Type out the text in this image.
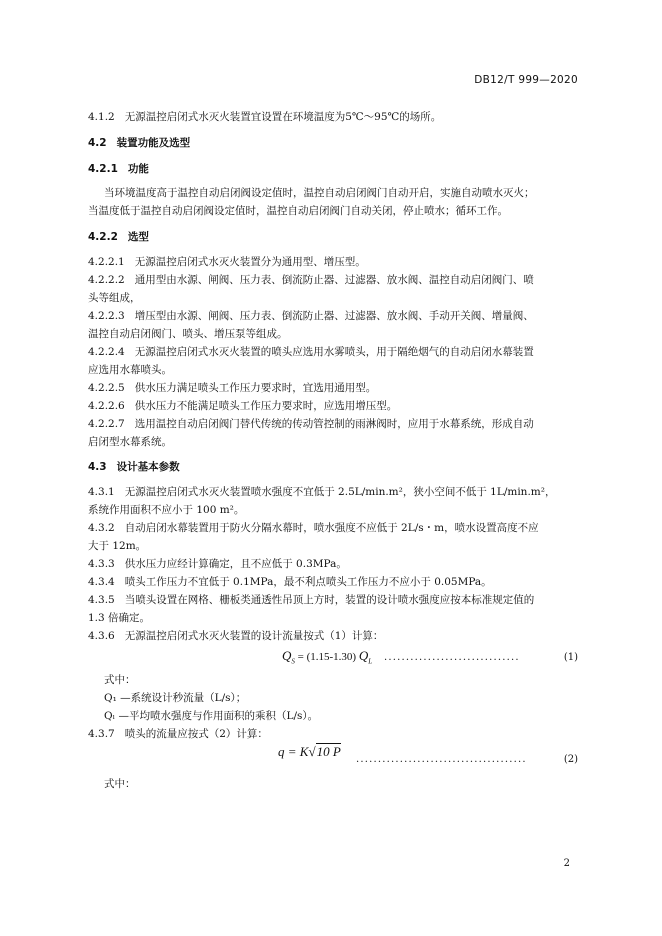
DB12/T 999—2020
4.1.2 无源温控启闭式水灭火装置宜设置在环境温度为5℃～95℃的场所。
4.2 装置功能及选型
4.2.1 功能
当环境温度高于温控自动启闭阀设定值时，温控自动启闭阀门自动开启，实施自动喷水灭火；
当温度低于温控自动启闭阀设定值时，温控自动启闭阀门自动关闭，停止喷水；循环工作。
4.2.2 选型
4.2.2.1 无源温控启闭式水灭火装置分为通用型、增压型。
4.2.2.2 通用型由水源、闸阀、压力表、倒流防止器、过滤器、放水阀、温控自动启闭阀门、喷
头等组成，
4.2.2.3 增压型由水源、闸阀、压力表、倒流防止器、过滤器、放水阀、手动开关阀、增量阀、
温控自动启闭阀门、喷头、增压泵等组成。
4.2.2.4 无源温控启闭式水灭火装置的喷头应选用水雾喷头，用于隔绝烟气的自动启闭水幕装置
应选用水幕喷头。
4.2.2.5 供水压力满足喷头工作压力要求时，宜选用通用型。
4.2.2.6 供水压力不能满足喷头工作压力要求时，应选用增压型。
4.2.2.7 选用温控自动启闭阀门替代传统的传动管控制的雨淋阀时，应用于水幕系统，形成自动
启闭型水幕系统。
4.3 设计基本参数
4.3.1 无源温控启闭式水灭火装置喷水强度不宜低于 2.5L/min.m²，狭小空间不低于 1L/min.m²，
系统作用面积不应小于 100 m²。
4.3.2 自动启闭水幕装置用于防火分隔水幕时，喷水强度不应低于 2L/s・m，喷水设置高度不应
大于 12m。
4.3.3 供水压力应经计算确定，且不应低于 0.3MPa。
4.3.4 喷头工作压力不宜低于 0.1MPa，最不利点喷头工作压力不应小于 0.05MPa。
4.3.5 当喷头设置在网格、栅板类通透性吊顶上方时，装置的设计喷水强度应按本标准规定值的
1.3 倍确定。
4.3.6 无源温控启闭式水灭火装置的设计流量按式（1）计算：
$Q_S = (1.15-1.30)$ $Q_L$ ...............................	(1)
式中：
Q₁ —系统设计秒流量（L/s）；
Qₗ —平均喷水强度与作用面积的乘积（L/s）。
4.3.7 喷头的流量应按式（2）计算：
q = K√10 P
.......................................	(2)
式中：
2
